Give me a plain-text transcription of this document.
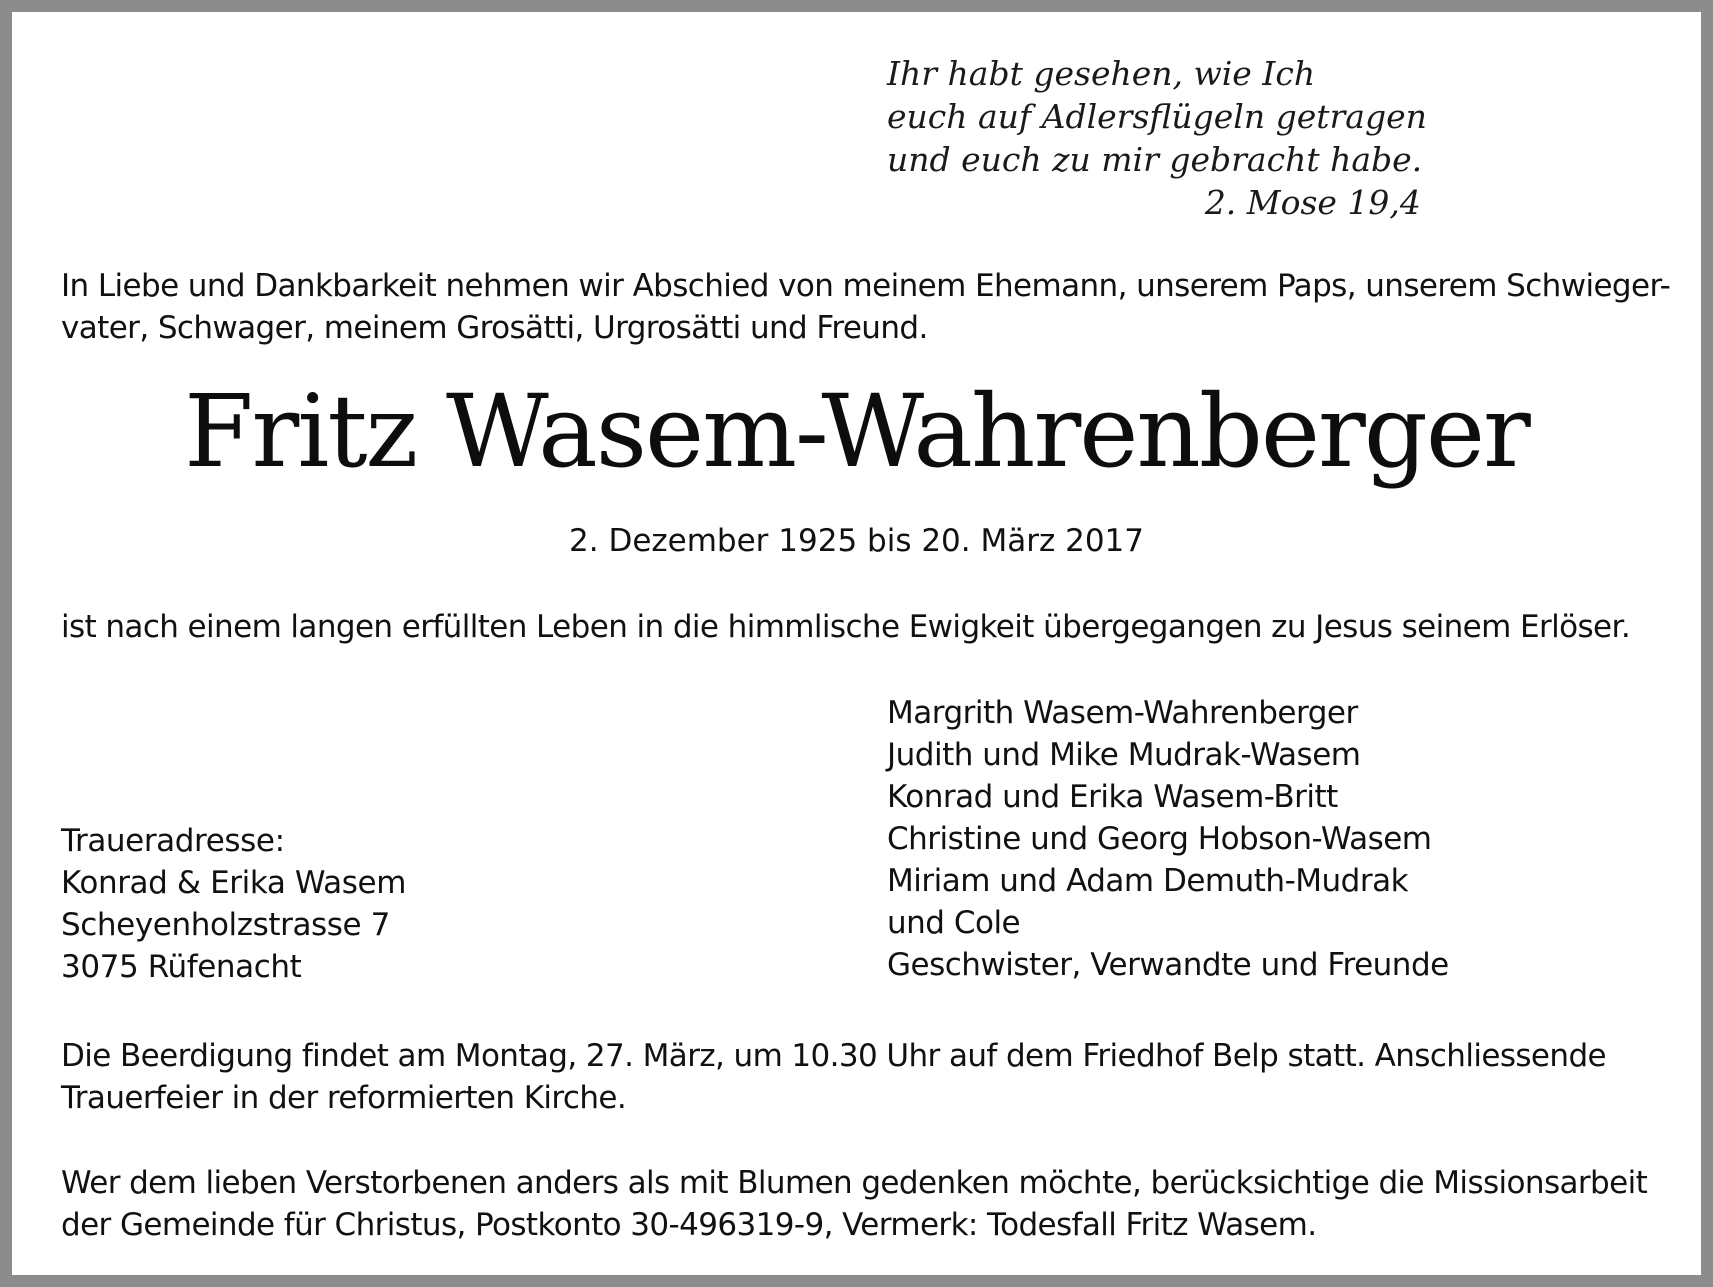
Ihr habt gesehen, wie Ich
euch auf Adlersflügeln getragen
und euch zu mir gebracht habe.
2. Mose 19,4
In Liebe und Dankbarkeit nehmen wir Abschied von meinem Ehemann, unserem Paps, unserem Schwieger-
vater, Schwager, meinem Grosätti, Urgrosätti und Freund.
Fritz Wasem-Wahrenberger
2. Dezember 1925 bis 20. März 2017
ist nach einem langen erfüllten Leben in die himmlische Ewigkeit übergegangen zu Jesus seinem Erlöser.
Margrith Wasem-Wahrenberger
Judith und Mike Mudrak-Wasem
Konrad und Erika Wasem-Britt
Christine und Georg Hobson-Wasem
Miriam und Adam Demuth-Mudrak
und Cole
Geschwister, Verwandte und Freunde
Traueradresse:
Konrad & Erika Wasem
Scheyenholzstrasse 7
3075 Rüfenacht
Die Beerdigung findet am Montag, 27. März, um 10.30 Uhr auf dem Friedhof Belp statt. Anschliessende
Trauerfeier in der reformierten Kirche.
Wer dem lieben Verstorbenen anders als mit Blumen gedenken möchte, berücksichtige die Missionsarbeit
der Gemeinde für Christus, Postkonto 30-496319-9, Vermerk: Todesfall Fritz Wasem.
